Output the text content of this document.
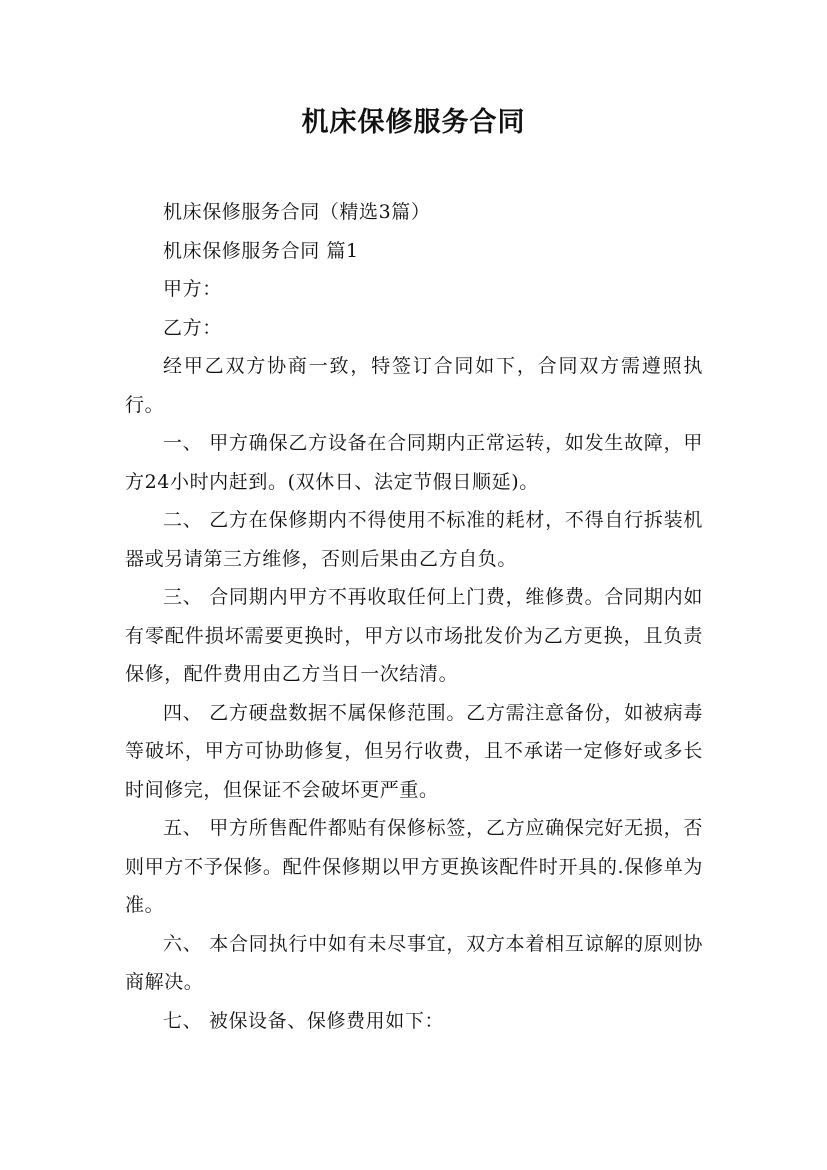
机床保修服务合同

机床保修服务合同（精选3篇）

机床保修服务合同 篇1

甲方：

乙方：

经甲乙双方协商一致，特签订合同如下，合同双方需遵照执行。

一、 甲方确保乙方设备在合同期内正常运转，如发生故障，甲方24小时内赶到。(双休日、法定节假日顺延)。

二、 乙方在保修期内不得使用不标准的耗材，不得自行拆装机器或另请第三方维修，否则后果由乙方自负。

三、 合同期内甲方不再收取任何上门费，维修费。合同期内如有零配件损坏需要更换时，甲方以市场批发价为乙方更换，且负责保修，配件费用由乙方当日一次结清。

四、 乙方硬盘数据不属保修范围。乙方需注意备份，如被病毒等破坏，甲方可协助修复，但另行收费，且不承诺一定修好或多长时间修完，但保证不会破坏更严重。

五、 甲方所售配件都贴有保修标签，乙方应确保完好无损，否则甲方不予保修。配件保修期以甲方更换该配件时开具的.保修单为准。

六、 本合同执行中如有未尽事宜，双方本着相互谅解的原则协商解决。

七、 被保设备、保修费用如下：
